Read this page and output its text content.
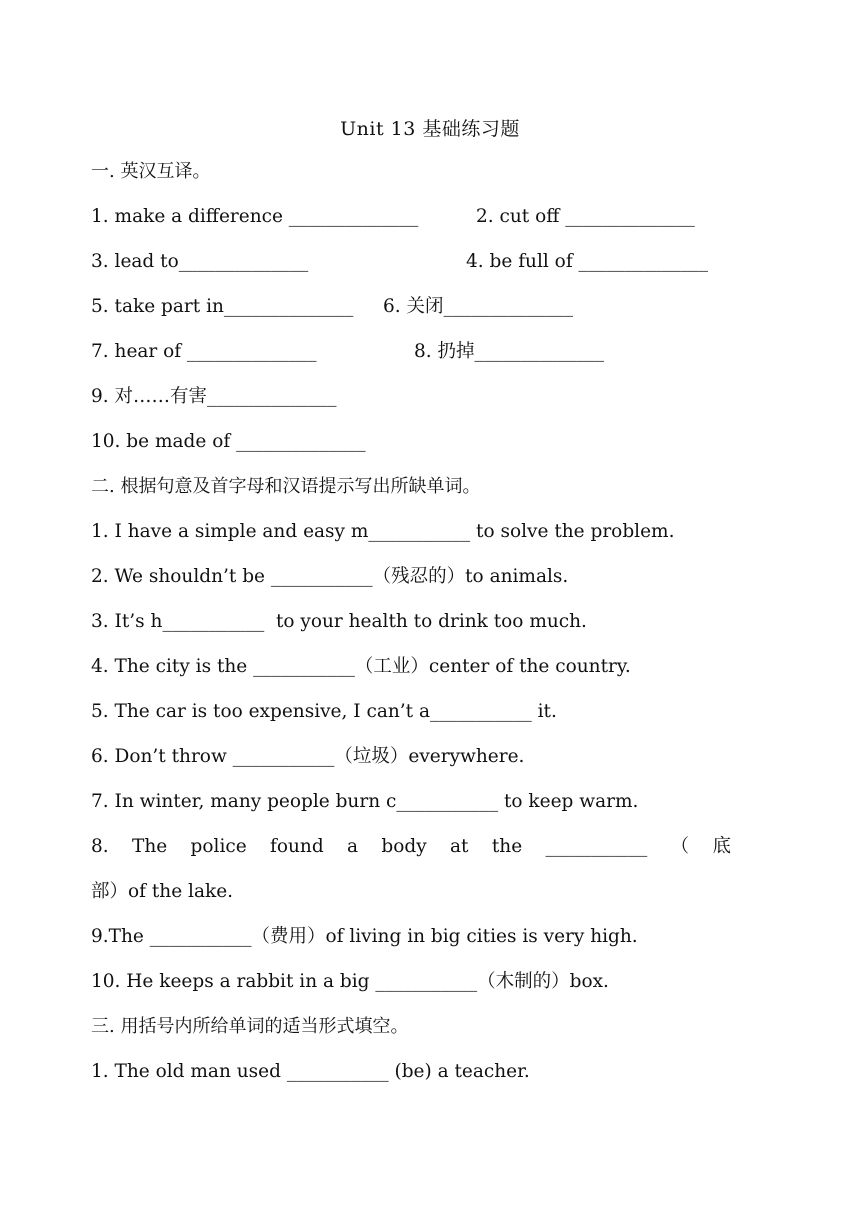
Unit 13 基础练习题
一. 英汉互译。
1. make a difference ______________	2. cut off ______________
3. lead to______________	4. be full of ______________
5. take part in______________ 6. 关闭______________
7. hear of ______________	8. 扔掉______________
9. 对……有害______________
10. be made of ______________
二. 根据句意及首字母和汉语提示写出所缺单词。
1. I have a simple and easy m___________ to solve the problem.
2. We shouldn’t be ___________（残忍的）to animals.
3. It’s h___________  to your health to drink too much.
4. The city is the ___________（工业）center of the country.
5. The car is too expensive, I can’t a___________ it.
6. Don’t throw ___________（垃圾）everywhere.
7. In winter, many people burn c___________ to keep warm.
8. The police found a body at the ___________ （ 底
部）of the lake.
9.The ___________（费用）of living in big cities is very high.
10. He keeps a rabbit in a big ___________（木制的）box.
三. 用括号内所给单词的适当形式填空。
1. The old man used ___________ (be) a teacher.
